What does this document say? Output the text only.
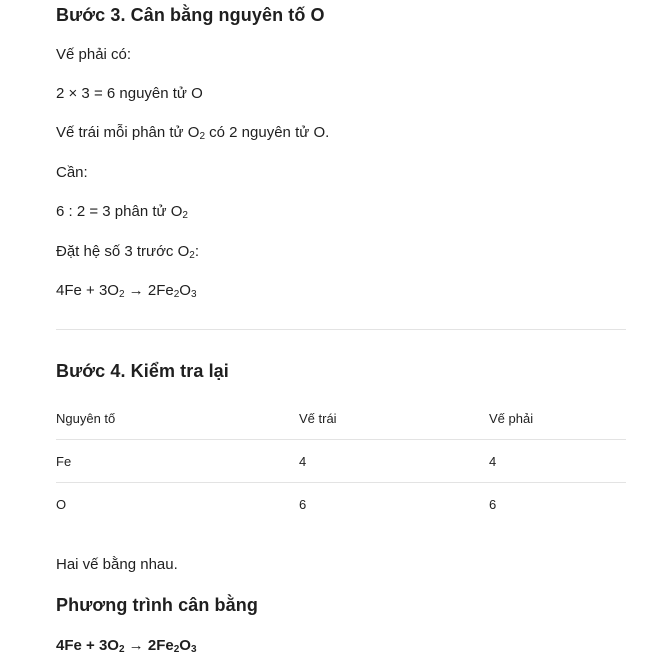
Bước 3. Cân bằng nguyên tố O

Vế phải có:

2 × 3 = 6 nguyên tử O

Vế trái mỗi phân tử $O_2$ có 2 nguyên tử O.

Cần:

6 : 2 = 3 phân tử $O_2$

Đặt hệ số 3 trước $O_2$:

$4Fe + 3O_2 \to 2Fe_2O_3$

Bước 4. Kiểm tra lại
Nguyên tố	Vế trái	Vế phải
Fe	4	4
O	6	6

Hai vế bằng nhau.

Phương trình cân bằng

$4Fe + 3O_2 \to 2Fe_2O_3$
